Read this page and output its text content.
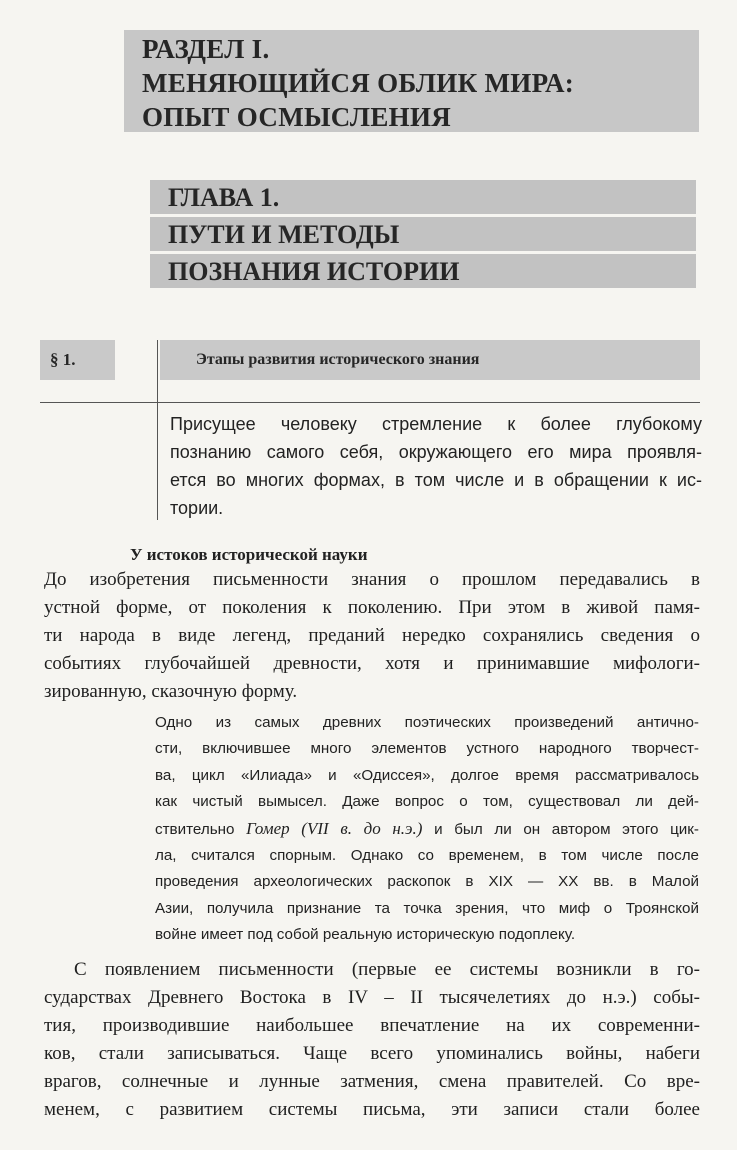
РАЗДЕЛ I.
МЕНЯЮЩИЙСЯ ОБЛИК МИРА:
ОПЫТ ОСМЫСЛЕНИЯ
ГЛАВА 1.
ПУТИ И МЕТОДЫ
ПОЗНАНИЯ ИСТОРИИ
§ 1.	Этапы развития исторического знания
Присущее человеку стремление к более глубокому
познанию самого себя, окружающего его мира проявля-
ется во многих формах, в том числе и в обращении к ис-
тории.
У истоков исторической науки
До изобретения письменности знания о прошлом передавались в
устной форме, от поколения к поколению. При этом в живой памя-
ти народа в виде легенд, преданий нередко сохранялись сведения о
событиях глубочайшей древности, хотя и принимавшие мифологи-
зированную, сказочную форму.
Одно из самых древних поэтических произведений антично-
сти, включившее много элементов устного народного творчест-
ва, цикл «Илиада» и «Одиссея», долгое время рассматривалось
как чистый вымысел. Даже вопрос о том, существовал ли дей-
ствительно Гомер (VII в. до н.э.) и был ли он автором этого цик-
ла, считался спорным. Однако со временем, в том числе после
проведения археологических раскопок в XIX — XX вв. в Малой
Азии, получила признание та точка зрения, что миф о Троянской
войне имеет под собой реальную историческую подоплеку.
С появлением письменности (первые ее системы возникли в го-
сударствах Древнего Востока в IV – II тысячелетиях до н.э.) собы-
тия, производившие наибольшее впечатление на их современни-
ков, стали записываться. Чаще всего упоминались войны, набеги
врагов, солнечные и лунные затмения, смена правителей. Со вре-
менем, с развитием системы письма, эти записи стали более
